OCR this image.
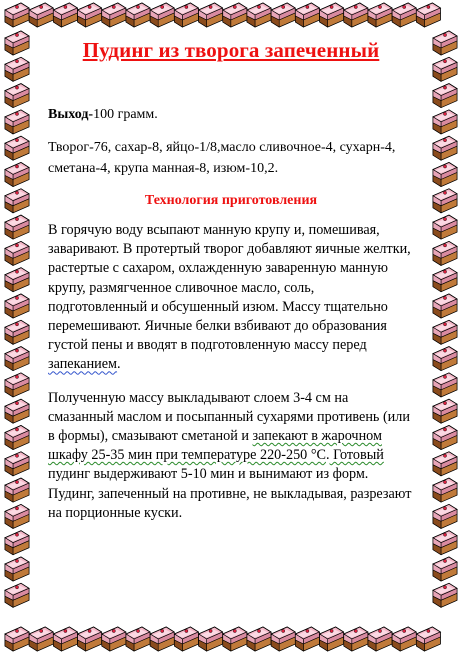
Пудинг из творога запеченный
Выход-100 грамм.
Творог-76, сахар-8, яйцо-1/8,масло сливочное-4, сухарн-4, сметана-4, крупа манная-8, изюм-10,2.
Технология приготовления
В горячую воду всыпают манную крупу и, помешивая, заваривают. В протертый творог добавляют яичные желтки, растертые с сахаром, охлажденную заваренную манную крупу, размягченное сливочное масло, соль, подготовленный и обсушенный изюм. Массу тщательно перемешивают. Яичные белки взбивают до образования густой пены и вводят в подготовленную массу перед запеканием.
Полученную массу выкладывают слоем 3-4 см на смазанный маслом и посыпанный сухарями противень (или в формы), смазывают сметаной и запекают в жарочном шкафу 25-35 мин при температуре 220-250 °С. Готовый пудинг выдерживают 5-10 мин и вынимают из форм. Пудинг, запеченный на противне, не выкладывая, разрезают на порционные куски.
